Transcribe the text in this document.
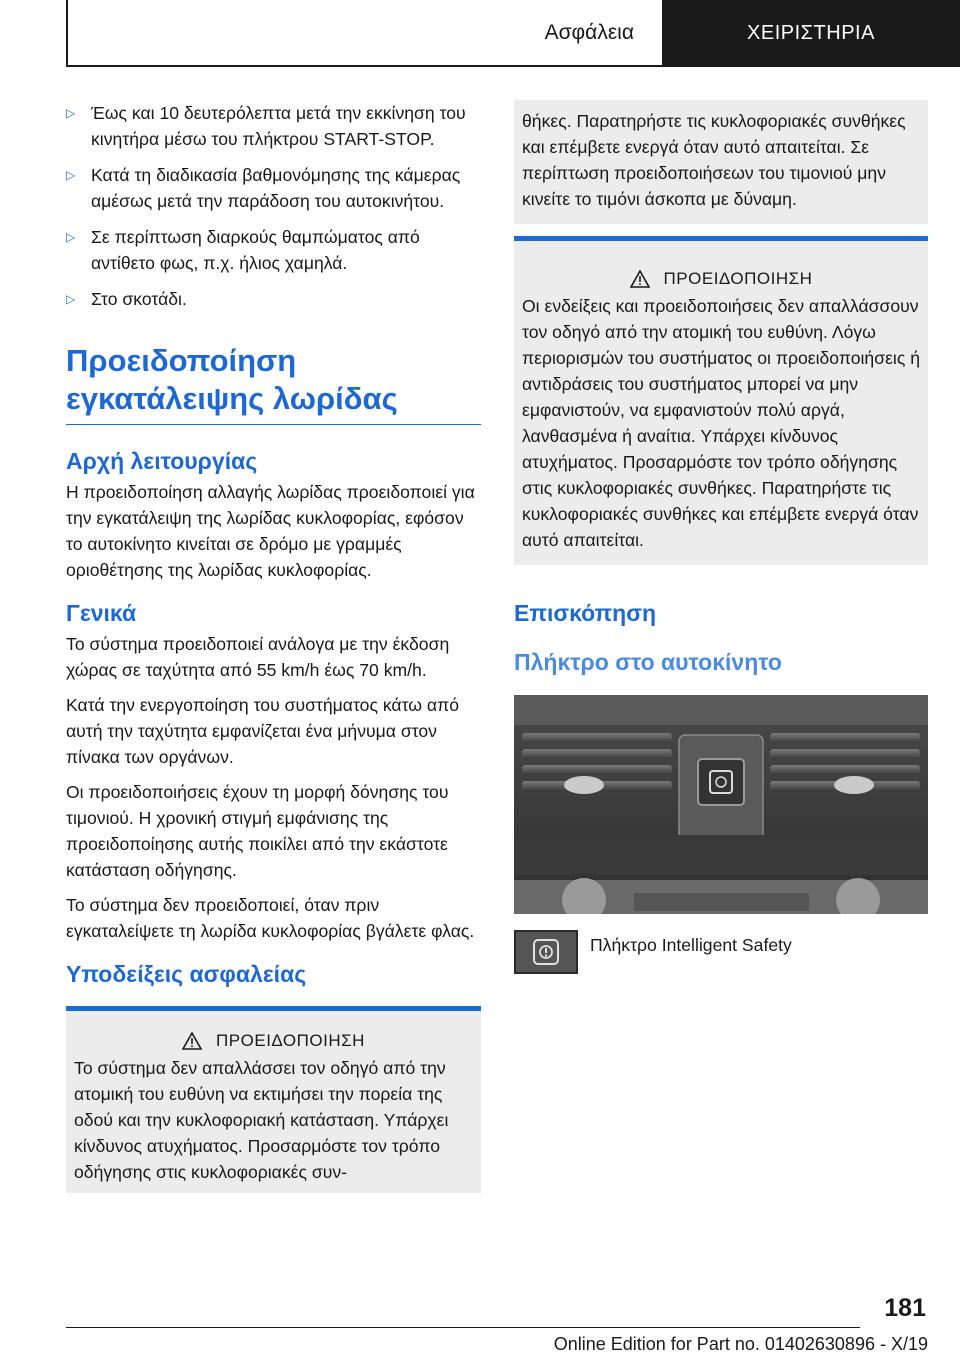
Ασφάλεια	ΧΕΙΡΙΣΤΗΡΙΑ
▷ Έως και 10 δευτερόλεπτα μετά την εκκίνηση του κινητήρα μέσω του πλήκτρου START-STOP.
▷ Κατά τη διαδικασία βαθμονόμησης της κάμερας αμέσως μετά την παράδοση του αυτοκινήτου.
▷ Σε περίπτωση διαρκούς θαμπώματος από αντίθετο φως, π.χ. ήλιος χαμηλά.
▷ Στο σκοτάδι.
Προειδοποίηση
εγκατάλειψης λωρίδας
Αρχή λειτουργίας

Η προειδοποίηση αλλαγής λωρίδας προειδοποιεί για την εγκατάλειψη της λωρίδας κυκλοφορίας, εφόσον το αυτοκίνητο κινείται σε δρόμο με γραμμές οριοθέτησης της λωρίδας κυκλοφορίας.

Γενικά

Το σύστημα προειδοποιεί ανάλογα με την έκδοση χώρας σε ταχύτητα από 55 km/h έως 70 km/h.

Κατά την ενεργοποίηση του συστήματος κάτω από αυτή την ταχύτητα εμφανίζεται ένα μήνυμα στον πίνακα των οργάνων.

Οι προειδοποιήσεις έχουν τη μορφή δόνησης του τιμονιού. Η χρονική στιγμή εμφάνισης της προειδοποίησης αυτής ποικίλει από την εκάστοτε κατάσταση οδήγησης.

Το σύστημα δεν προειδοποιεί, όταν πριν εγκαταλείψετε τη λωρίδα κυκλοφορίας βγάλετε φλας.

Υποδείξεις ασφαλείας
ΠΡΟΕΙΔΟΠΟΙΗΣΗ

Το σύστημα δεν απαλλάσσει τον οδηγό από την ατομική του ευθύνη να εκτιμήσει την πορεία της οδού και την κυκλοφοριακή κατάσταση. Υπάρχει κίνδυνος ατυχήματος. Προσαρμόστε τον τρόπο οδήγησης στις κυκλοφοριακές συν-

θήκες. Παρατηρήστε τις κυκλοφοριακές συνθήκες και επέμβετε ενεργά όταν αυτό απαιτείται. Σε περίπτωση προειδοποιήσεων του τιμονιού μην κινείτε το τιμόνι άσκοπα με δύναμη.

ΠΡΟΕΙΔΟΠΟΙΗΣΗ

Οι ενδείξεις και προειδοποιήσεις δεν απαλλάσσουν τον οδηγό από την ατομική του ευθύνη. Λόγω περιορισμών του συστήματος οι προειδοποιήσεις ή αντιδράσεις του συστήματος μπορεί να μην εμφανιστούν, να εμφανιστούν πολύ αργά, λανθασμένα ή αναίτια. Υπάρχει κίνδυνος ατυχήματος. Προσαρμόστε τον τρόπο οδήγησης στις κυκλοφοριακές συνθήκες. Παρατηρήστε τις κυκλοφοριακές συνθήκες και επέμβετε ενεργά όταν αυτό απαιτείται.

Επισκόπηση
Πλήκτρο στο αυτοκίνητο
Πλήκτρο Intelligent Safety
181
Online Edition for Part no. 01402630896 - X/19
